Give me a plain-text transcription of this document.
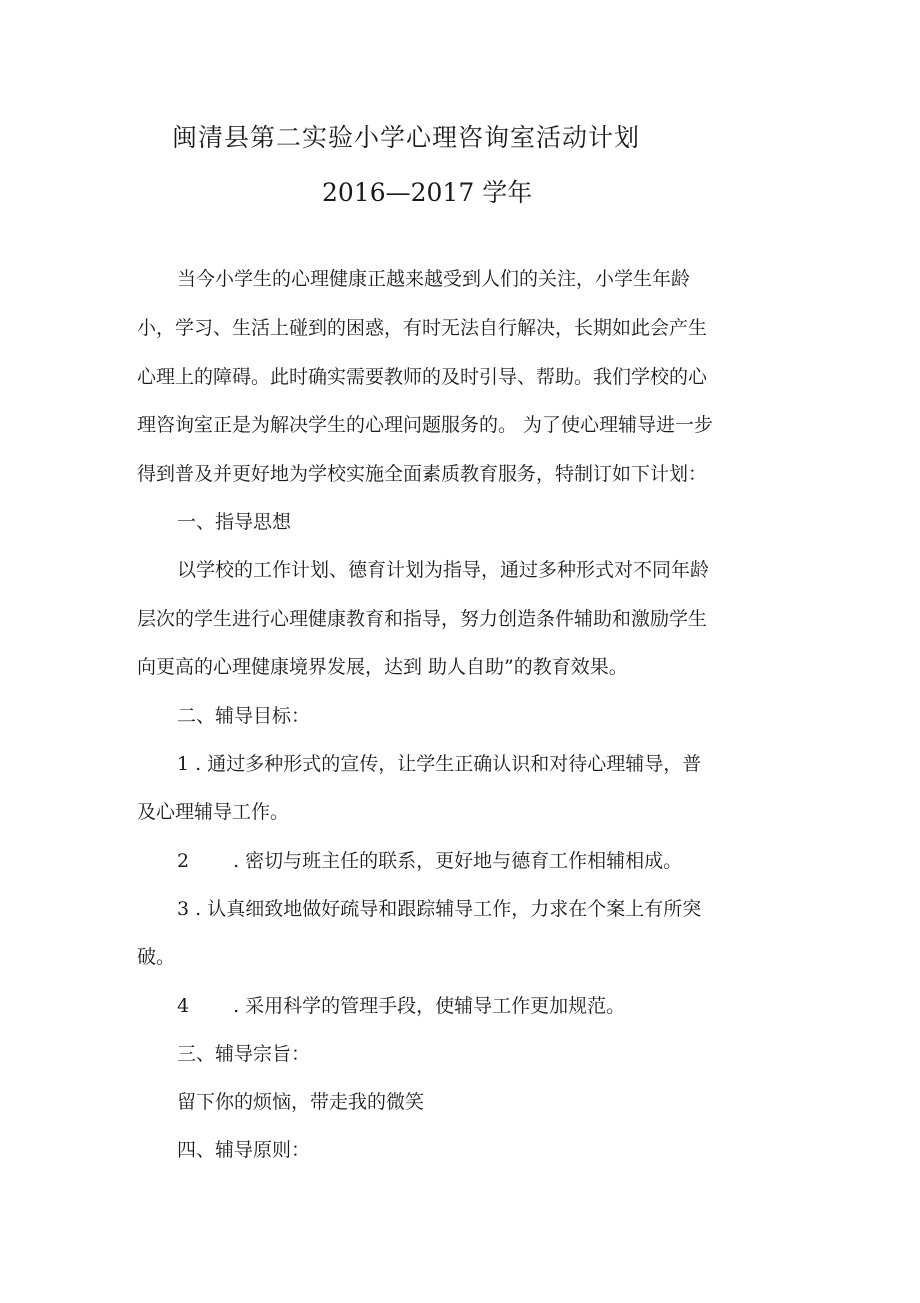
闽清县第二实验小学心理咨询室活动计划
2016—2017 学年
当今小学生的心理健康正越来越受到人们的关注，小学生年龄
小，学习、生活上碰到的困惑，有时无法自行解决，长期如此会产生
心理上的障碍。此时确实需要教师的及时引导、帮助。我们学校的心
理咨询室正是为解决学生的心理问题服务的。 为了使心理辅导进一步
得到普及并更好地为学校实施全面素质教育服务，特制订如下计划：
一、指导思想
以学校的工作计划、德育计划为指导，通过多种形式对不同年龄
层次的学生进行心理健康教育和指导，努力创造条件辅助和激励学生
向更高的心理健康境界发展，达到 助人自助”的教育效果。
二、辅导目标：
1 . 通过多种形式的宣传，让学生正确认识和对待心理辅导，普
及心理辅导工作。
2 . 密切与班主任的联系，更好地与德育工作相辅相成。
3 . 认真细致地做好疏导和跟踪辅导工作，力求在个案上有所突
破。
4 . 采用科学的管理手段，使辅导工作更加规范。
三、辅导宗旨：
留下你的烦恼，带走我的微笑
四、辅导原则：
